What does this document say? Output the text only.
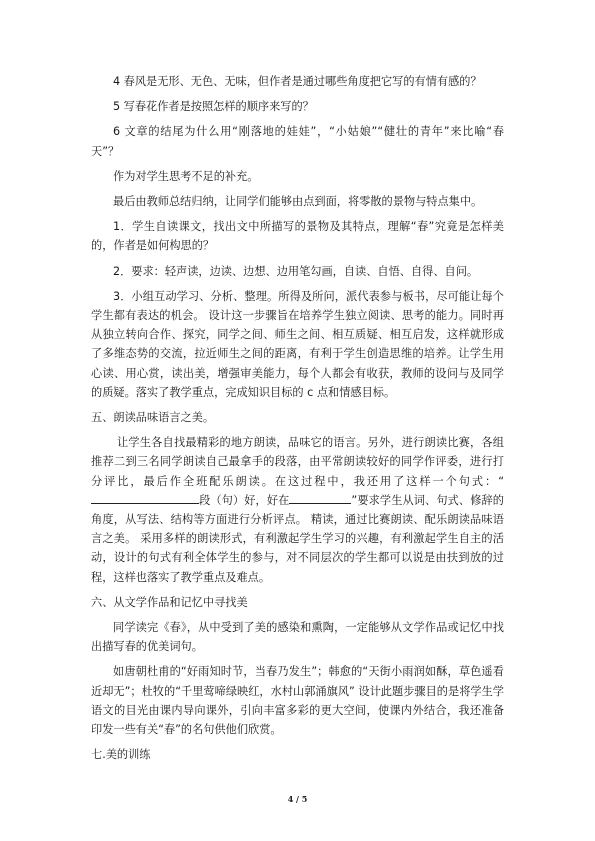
4 春风是无形、无色、无味，但作者是通过哪些角度把它写的有情有感的？

5 写春花作者是按照怎样的顺序来写的？

6 文章的结尾为什么用“刚落地的娃娃”，“小姑娘”“健壮的青年”来比喻“春天”？

作为对学生思考不足的补充。

最后由教师总结归纳，让同学们能够由点到面，将零散的景物与特点集中。

1．学生自读课文，找出文中所描写的景物及其特点，理解“春”究竟是怎样美的，作者是如何构思的？

2．要求：轻声读，边读、边想、边用笔勾画，自读、自悟、自得、自问。

3．小组互动学习、分析、整理。所得及所问，派代表参与板书，尽可能让每个学生都有表达的机会。 设计这一步骤旨在培养学生独立阅读、思考的能力。同时再从独立转向合作、探究，同学之间、师生之间、相互质疑、相互启发，这样就形成了多维态势的交流，拉近师生之间的距离，有利于学生创造思维的培养。让学生用心读、用心赏，读出美，增强审美能力，每个人都会有收获，教师的设问与及同学的质疑。落实了教学重点，完成知识目标的 c 点和情感目标。

五、朗读品味语言之美。

让学生各自找最精彩的地方朗读，品味它的语言。另外，进行朗读比赛，各组推荐二到三名同学朗读自己最拿手的段落，由平常朗读较好的同学作评委，进行打分评比，最后作全班配乐朗读。在这过程中，我还用了这样一个句式：“段（句）好，好在	”要求学生从词、句式、修辞的角度，从写法、结构等方面进行分析评点。 精读，通过比赛朗读、配乐朗读品味语言之美。 采用多样的朗读形式，有利激起学生学习的兴趣，有利激起学生自主的活动，设计的句式有利全体学生的参与，对不同层次的学生都可以说是由扶到放的过程，这样也落实了教学重点及难点。

六、从文学作品和记忆中寻找美

同学读完《春》，从中受到了美的感染和熏陶，一定能够从文学作品或记忆中找出描写春的优美词句。

如唐朝杜甫的“好雨知时节，当春乃发生”；韩愈的“天街小雨润如酥，草色遥看近却无”；杜牧的“千里莺啼绿映红，水村山郭涌旗风” 设计此题步骤目的是将学生学语文的目光由课内导向课外，引向丰富多彩的更大空间，使课内外结合，我还准备印发一些有关“春”的名句供他们欣赏。

七.美的训练

4 / 5
